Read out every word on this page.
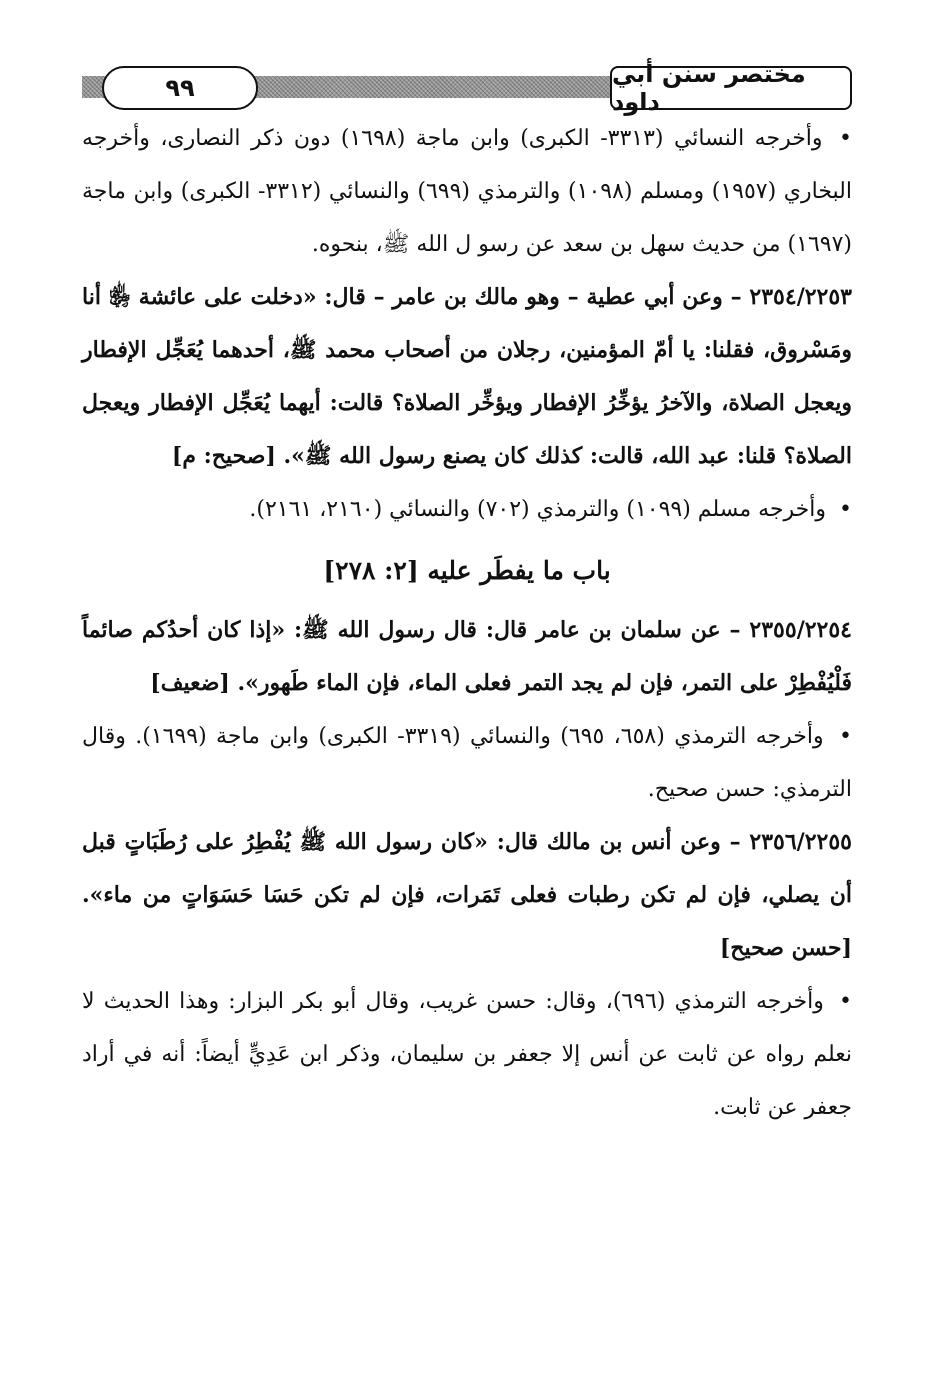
٩٩	مختصر سنن أبي داود

• وأخرجه النسائي (٣٣١٣- الكبرى) وابن ماجة (١٦٩٨) دون ذكر النصارى، وأخرجه البخاري (١٩٥٧) ومسلم (١٠٩٨) والترمذي (٦٩٩) والنسائي (٣٣١٢- الكبرى) وابن ماجة (١٦٩٧) من حديث سهل بن سعد عن رسو ل الله ﷺ، بنحوه.

٢٣٥٤/٢٢٥٣ – وعن أبي عطية – وهو مالك بن عامر – قال: «دخلت على عائشة ﵂ أنا ومَسْروق، فقلنا: يا أمّ المؤمنين، رجلان من أصحاب محمد ﷺ، أحدهما يُعَجِّل الإفطار ويعجل الصلاة، والآخرُ يؤخِّرُ الإفطار ويؤخِّر الصلاة؟ قالت: أيهما يُعَجِّل الإفطار ويعجل الصلاة؟ قلنا: عبد الله، قالت: كذلك كان يصنع رسول الله ﷺ». [صحيح: م]

• وأخرجه مسلم (١٠٩٩) والترمذي (٧٠٢) والنسائي (٢١٦٠، ٢١٦١).

باب ما يفطَر عليه [٢: ٢٧٨]

٢٣٥٥/٢٢٥٤ – عن سلمان بن عامر قال: قال رسول الله ﷺ: «إذا كان أحدُكم صائماً فَلْيُفْطِرْ على التمر، فإن لم يجد التمر فعلى الماء، فإن الماء طَهور». [ضعيف]

• وأخرجه الترمذي (٦٥٨، ٦٩٥) والنسائي (٣٣١٩- الكبرى) وابن ماجة (١٦٩٩). وقال الترمذي: حسن صحيح.

٢٣٥٦/٢٢٥٥ – وعن أنس بن مالك قال: «كان رسول الله ﷺ يُفْطِرُ على رُطَبَاتٍ قبل أن يصلي، فإن لم تكن رطبات فعلى تَمَرات، فإن لم تكن حَسَا حَسَوَاتٍ من ماء». [حسن صحيح]

• وأخرجه الترمذي (٦٩٦)، وقال: حسن غريب، وقال أبو بكر البزار: وهذا الحديث لا نعلم رواه عن ثابت عن أنس إلا جعفر بن سليمان، وذكر ابن عَدِيٍّ أيضاً: أنه في أراد جعفر عن ثابت.
